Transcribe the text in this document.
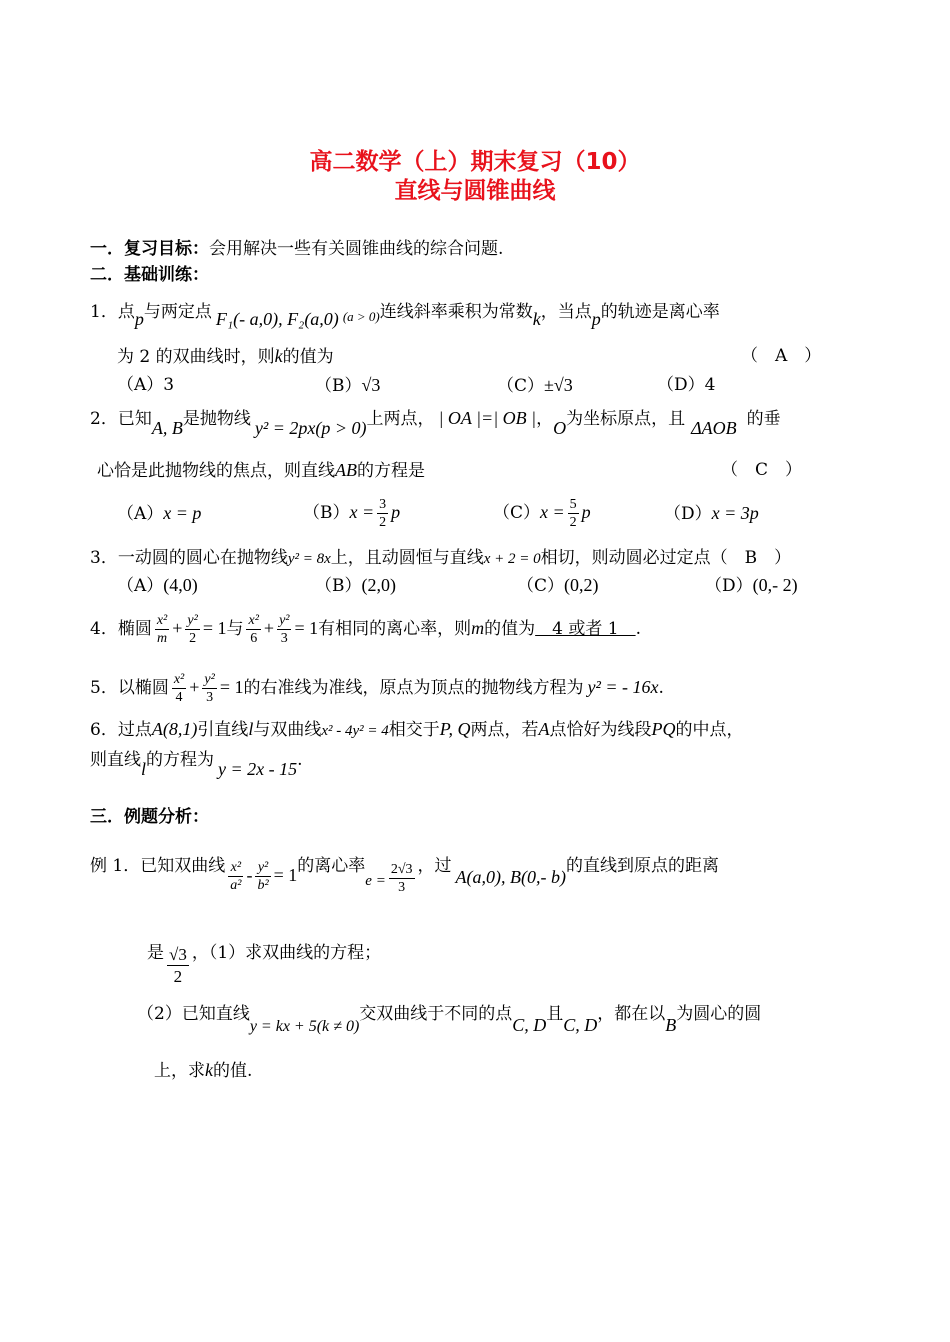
高二数学（上）期末复习（10）
直线与圆锥曲线
一．复习目标：会用解决一些有关圆锥曲线的综合问题.
二．基础训练：
1．点p与两定点 F₁(- a,0), F₂(a,0) $_{(a > 0)}$连线斜率乘积为常数k，当点p的轨迹是离心率
为 2 的双曲线时，则k的值为	（　A　）
（A）3	（B）√3	（C）±√3	（D）4
2．已知A, B是抛物线 y² = 2px(p > 0)上两点， | OA |=| OB |，O为坐标原点，且 ΔAOB 的垂
心恰是此抛物线的焦点，则直线AB的方程是	（　C　）
（A）x = p	$(B)x = \frac{3}{2}$ p	$(C)x = \frac{5}{2}$ p	（D）x = 3p
3．一动圆的圆心在抛物线y² = 8x上，且动圆恒与直线x + 2 = 0相切，则动圆必过定点（　B　）
（A）(4,0)	（B）(2,0)	（C）(0,2)	（D）(0,- 2)
4．椭圆 $\frac{\text{x²}}{m} + \frac{\text{y²}}{2} = 1$与 $\frac{\text{x²}}{6} + \frac{\text{y²}}{3} = 1$有相同的离心率，则m的值为　4 或者 1　.
5．以椭圆 $\frac{\text{x²}}{4} + \frac{\text{y²}}{3} = 1$的右准线为准线，原点为顶点的抛物线方程为 y² = - 16x.
6．过点A(8,1)引直线l与双曲线x² - 4y² = 4相交于P, Q两点，若A点恰好为线段PQ的中点，
则直线l的方程为 y = 2x - 15.
三．例题分析：
例 1．已知双曲线 $\frac{\text{x²}}{\text{a²}} - \frac{\text{y²}}{\text{b²}} = 1$的离心率$e = \frac{2√3}{3}$ ，过A(a,0), B(0,- b)的直线到原点的距离
是 $\frac{√3}{2}$ ，（1）求双曲线的方程；
（2）已知直线y = kx + 5(k ≠ 0)交双曲线于不同的点C, D且C, D，都在以B为圆心的圆
上，求k的值.
